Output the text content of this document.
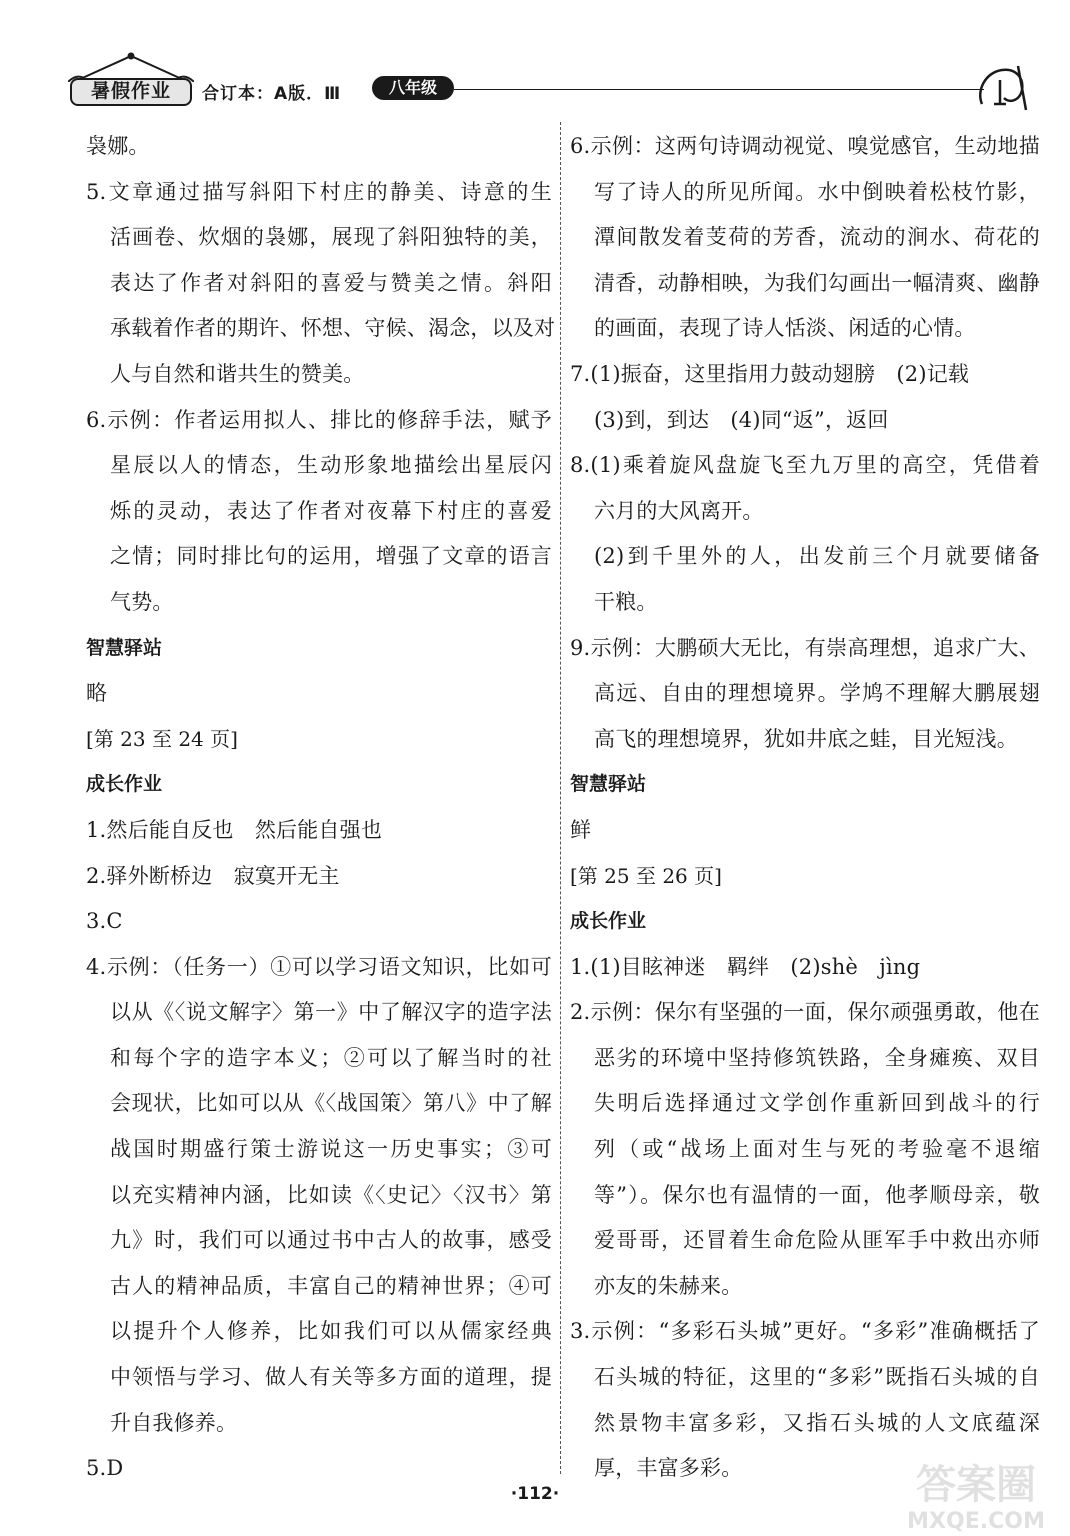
暑假作业	合订本：A版．Ⅲ	八年级
袅娜。
5.文章通过描写斜阳下村庄的静美、诗意的生
活画卷、炊烟的袅娜，展现了斜阳独特的美，
表达了作者对斜阳的喜爱与赞美之情。斜阳
承载着作者的期许、怀想、守候、渴念，以及对
人与自然和谐共生的赞美。
6.示例：作者运用拟人、排比的修辞手法，赋予
星辰以人的情态，生动形象地描绘出星辰闪
烁的灵动，表达了作者对夜幕下村庄的喜爱
之情；同时排比句的运用，增强了文章的语言
气势。
智慧驿站
略
[第 23 至 24 页]
成长作业
1.然后能自反也　然后能自强也
2.驿外断桥边　寂寞开无主
3.C
4.示例：（任务一）①可以学习语文知识，比如可
以从《〈说文解字〉第一》中了解汉字的造字法
和每个字的造字本义；②可以了解当时的社
会现状，比如可以从《〈战国策〉第八》中了解
战国时期盛行策士游说这一历史事实；③可
以充实精神内涵，比如读《〈史记〉〈汉书〉第
九》时，我们可以通过书中古人的故事，感受
古人的精神品质，丰富自己的精神世界；④可
以提升个人修养，比如我们可以从儒家经典
中领悟与学习、做人有关等多方面的道理，提
升自我修养。
5.D
6.示例：这两句诗调动视觉、嗅觉感官，生动地描
写了诗人的所见所闻。水中倒映着松枝竹影，
潭间散发着芰荷的芳香，流动的涧水、荷花的
清香，动静相映，为我们勾画出一幅清爽、幽静
的画面，表现了诗人恬淡、闲适的心情。
7.(1)振奋，这里指用力鼓动翅膀　(2)记载
(3)到，到达　(4)同“返”，返回
8.(1)乘着旋风盘旋飞至九万里的高空，凭借着
六月的大风离开。
(2)到千里外的人，出发前三个月就要储备
干粮。
9.示例：大鹏硕大无比，有崇高理想，追求广大、
高远、自由的理想境界。学鸠不理解大鹏展翅
高飞的理想境界，犹如井底之蛙，目光短浅。
智慧驿站
鲜
[第 25 至 26 页]
成长作业
1.(1)目眩神迷　羁绊　(2)shè　jìng
2.示例：保尔有坚强的一面，保尔顽强勇敢，他在
恶劣的环境中坚持修筑铁路，全身瘫痪、双目
失明后选择通过文学创作重新回到战斗的行
列（或“战场上面对生与死的考验毫不退缩
等”）。保尔也有温情的一面，他孝顺母亲，敬
爱哥哥，还冒着生命危险从匪军手中救出亦师
亦友的朱赫来。
3.示例：“多彩石头城”更好。“多彩”准确概括了
石头城的特征，这里的“多彩”既指石头城的自
然景物丰富多彩，又指石头城的人文底蕴深
厚，丰富多彩。
·112·	答案圈
MXQE.COM
